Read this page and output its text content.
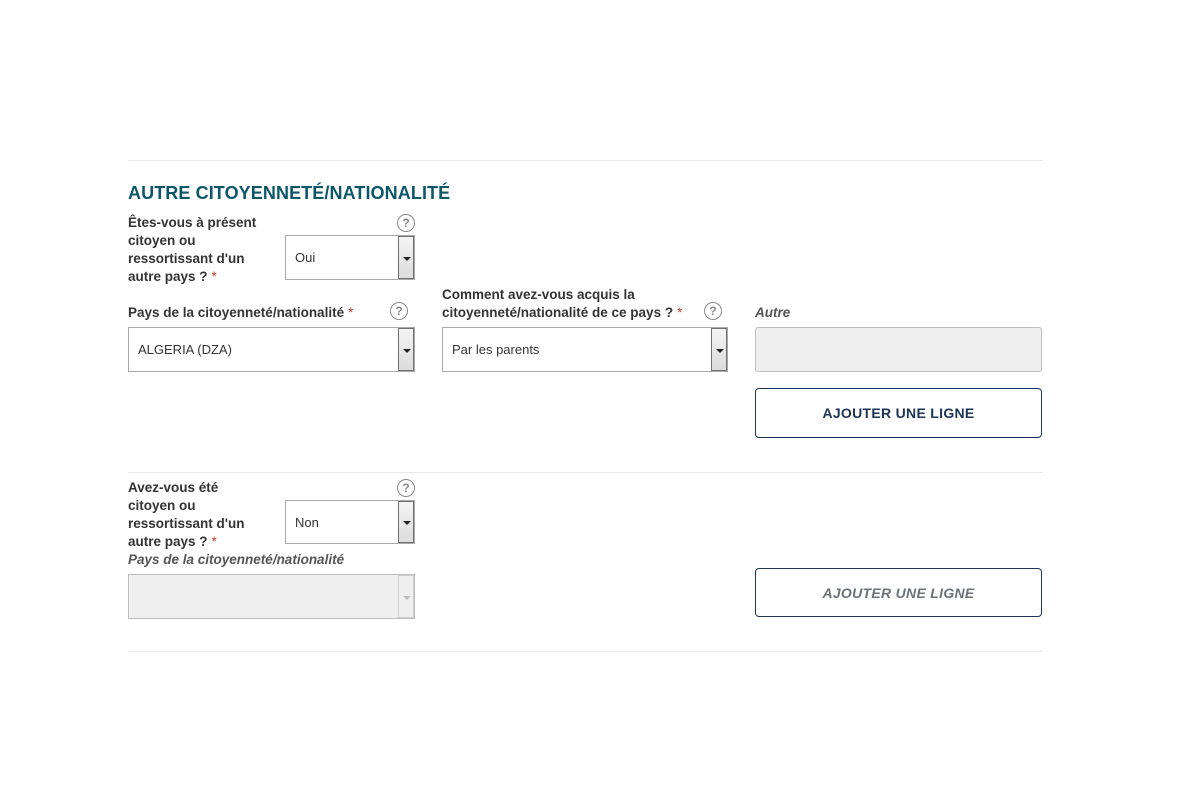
AUTRE CITOYENNETÉ/NATIONALITÉ
Êtes-vous à présent
citoyen ou
ressortissant d'un
autre pays ? *
?
Oui
Pays de la citoyenneté/nationalité *	?
ALGERIA (DZA)
Comment avez-vous acquis la
citoyenneté/nationalité de ce pays ? *	?
Par les parents
Autre
AJOUTER UNE LIGNE
Avez-vous été
citoyen ou
ressortissant d'un
autre pays ? *
?
Non
Pays de la citoyenneté/nationalité
AJOUTER UNE LIGNE
